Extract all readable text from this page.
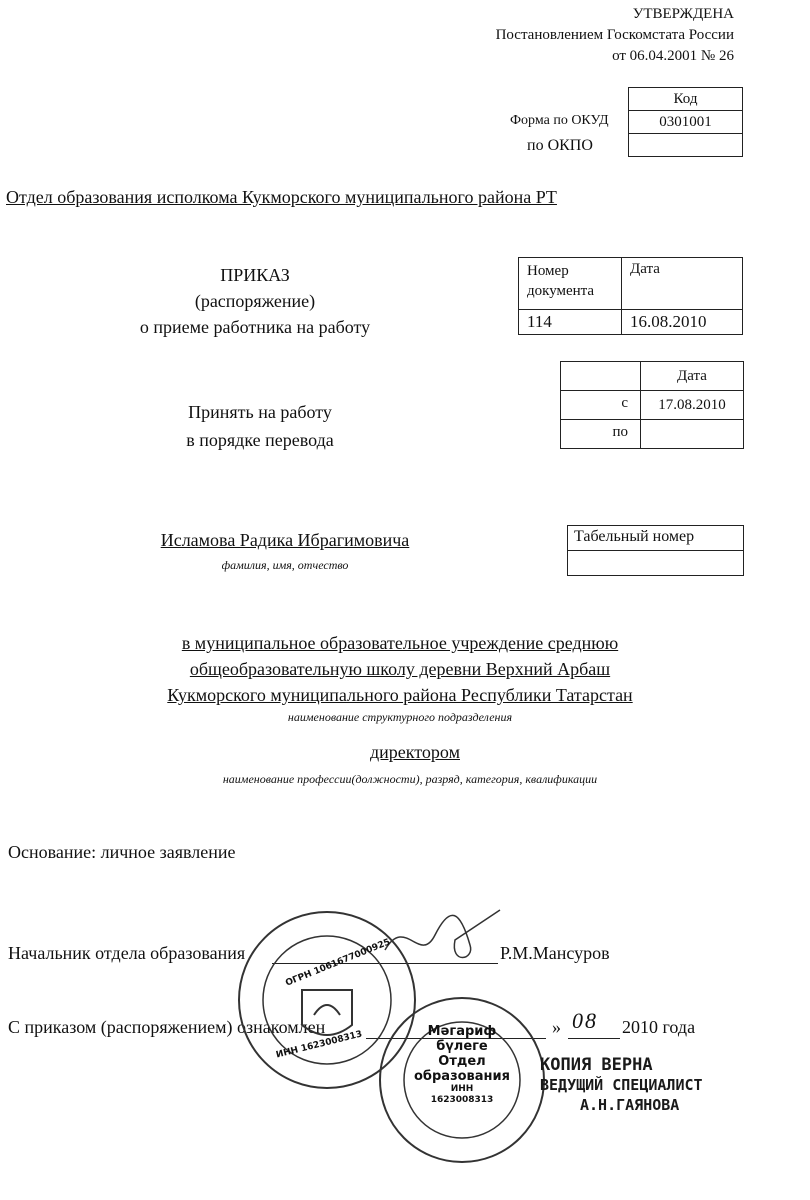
УТВЕРЖДЕНА
Постановлением Госкомстата России
от 06.04.2001 № 26
Код
Форма по ОКУД	0301001
по ОКПО
Отдел образования исполкома Кукморского муниципального района РТ
ПРИКАЗ
(распоряжение)
о приеме работника на работу
Номер документа
Дата
114	16.08.2010
Принять на работу
в порядке перевода
Дата
с	17.08.2010
по
Исламова Радика Ибрагимовича
фамилия, имя, отчество
Табельный номер
в муниципальное образовательное учреждение среднюю
общеобразовательную школу деревни Верхний Арбаш
Кукморского муниципального района Республики Татарстан
наименование структурного подразделения
директором
наименование профессии(должности), разряд, категория, квалификации
Основание: личное заявление
Начальник отдела образования	Р.М.Мансуров
С приказом (распоряжением) ознакомлен	» 08 2010 года
ИНН 1623008313
ОГРН 1061677000925
Мәгариф
бүлеге
Отдел
образования
ИНН
1623008313
КОПИЯ ВЕРНА
ВЕДУЩИЙ СПЕЦИАЛИСТ
А.Н.ГАЯНОВА
